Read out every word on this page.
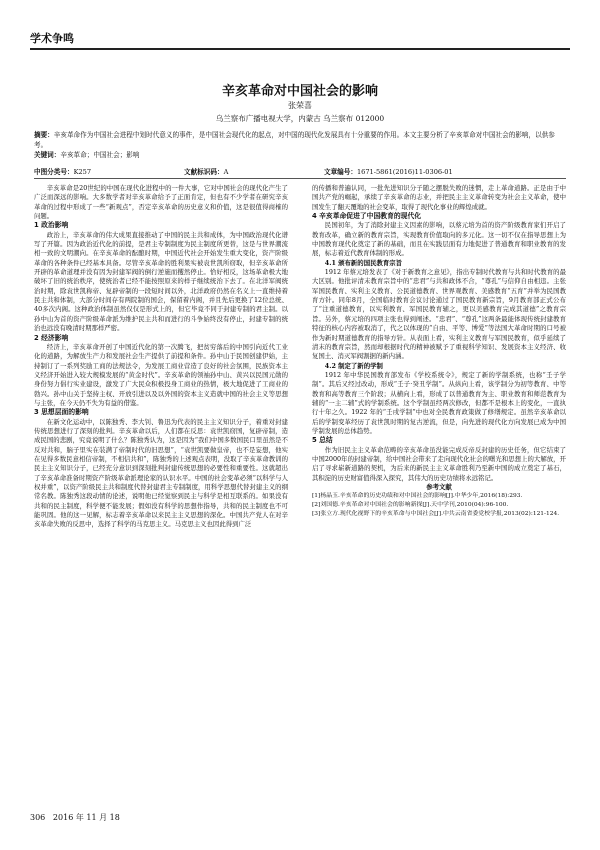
学术争鸣
辛亥革命对中国社会的影响
张荣喜
乌兰察布广播电视大学，内蒙古 乌兰察布 012000
摘要：辛亥革命作为中国社会进程中划时代意义的事件，是中国社会现代化的起点，对中国的现代化发展具有十分重要的作用。本文主要分析了辛亥革命对中国社会的影响，以供参考。
关键词：辛亥革命；中国社会；影响
中图分类号：K257	文献标识码：A	文章编号：1671-5861(2016)11-0306-01

辛亥革命是20世纪的中国在现代化进程中的一件大事，它对中国社会的现代化产生了广泛而深远的影响。大多数学者对辛亥革命给予了正面肯定，但也有不少学者在研究辛亥革命的过程中形成了一些“新观点”，否定辛亥革命的历史意义和价值，这是很值得商榷的问题。

1 政治影响

政治上，辛亥革命的伟大成果直接推动了中国的民主共和成体，为中国政治现代化谱写了开篇。因为政治近代化的前提，是君主专制制度为民主制度所更替，这是与世界潮流相一致的文明潮向。在辛亥革命的酝酿时期，中国近代社会开始发生重大变化，资产阶级革命的各种条件已经基本具备。尽管辛亥革命的胜利果实被袁世凯所窃取，但辛亥革命所开辟的革命道理并没有因为封建军阀的倒行逆施而攫然停止。恰好相反，这场革命极大地破坏了旧的统治秩序，使统治者已经不能按照原来的样子继续统治下去了。在北洋军阀统治时期，除袁世凯称帝、复辟帝制的一段短时间以外，北洋政府仍然在名义上一直维持着民主共和体制，大部分时间存有两院制的国会，保留着内阁，并且先后更换了12位总统、40多次内阁。这种政治体制虽然仅仅是形式上的，但它毕竟不同于封建专制的君主制。以孙中山为首的资产阶级革命派为维护民主共和而进行的斗争始终没有停止，封建专制的统治也远没有晚清时期那样严密。

2 经济影响

经济上，辛亥革命开创了中国近代化的第一次腾飞，把贫穷落后的中国引向近代工业化的道路，为解放生产力和发展社会生产提供了前提和条件。孙中山于民国创建伊始，主持制订了一系列奖励工商的法规法令，为发展工商业营造了良好的社会氛围，民族资本主义经济开始进入较大规模发展的“黄金时代”。辛亥革命的领袖孙中山、黄兴以民国元勋的身份努力倡行实业建设，激发了广大民众积极投身工商业的热情，极大地促进了工商业的勃兴。孙中山关于坚持主权、开放引进以及以外国的资本主义造就中国的社会主义等思想与主张，在今天仍不失为有益的借鉴。

3 思想层面的影响

在新文化运动中，以陈独秀、李大钊、鲁迅为代表的民主主义知识分子，着重对封建传统思想进行了深刻的批判。辛亥革命以后，人们都在反思：袁世凯窃国，复辟帝制，造成民国的悲剧，究竟说明了什么？陈独秀认为，这是因为“我们中国多数国民口里虽然是不反对共和，脑子里实在装满了帝制时代的旧思想”，“袁世凯要做皇帝，也不是妄想，他实在见得多数民意相信帝制，不相信共和”，陈独秀的上述观点表明，没取了辛亥革命教训的民主主义知识分子，已经充分意识到深刻批判封建传统思想的必要性和重要性。这就超出了辛亥革命准备时期资产阶级革命派理论家的认识水平。中国的社会变革必须“以科学与人权并重”，以资产阶级民主共和制度代替封建君主专制制度，用科学思想代替封建主义的纲常名教。陈独秀这段动情的论述，说明他已经觉察到民主与科学是相互联系的。如果没有共和的民主制度，科学便不能发展；假如没有科学的思想作指导，共和的民主制度也不可能巩固。他的这一见解，标志着辛亥革命以来民主主义思想的深化。中国共产党人在对辛亥革命失败的反思中，选择了科学的马克思主义。马克思主义也因此得到广泛

的传播和普遍认同，一批先进知识分子随之摆脱失败的迷惘，走上革命道路。正是由于中国共产党的崛起，承续了辛亥革命的志业，并把民主主义革命转变为社会主义革命，使中国发生了翻天覆地的社会变革，取得了现代化事业的辉煌成就。

4 辛亥革命促进了中国教育的现代化

民国初年，为了消除封建主义因素的影响，以蔡元培为首的资产阶级教育家们开启了教育改革，确立新的教育宗旨，实现教育价值取向的多元化。这一切不仅在指导思想上为中国教育现代化奠定了新的基础，而且在实践层面有力地促进了普通教育和职业教育的发展，标志着近代教育体制的形成。

4.1 颁布新的国民教育宗旨

1912 年蔡元培发表了《对于新教育之意见》，指出专制时代教育与共和时代教育的最大区别。他批评清末教育宗旨中的“忠君”与共和政体不合，“尊孔”与信仰自由相违。主张军国民教育、实利主义教育、公民道德教育、世界观教育、美感教育“五育”并举为民国教育方针。同年8月，全国临时教育会议讨论通过了国民教育新宗旨，9月教育部正式公布了“注重道德教育，以实利教育、军国民教育辅之，更以美感教育完成其道德”之教育宗旨。另外，蔡元培的四项主张也得到阐述。“忠君”、“尊孔”这两条最能体现传统封建教育特征的核心内容被取消了，代之以体现的“自由、平等、博爱”等法国大革命时期的口号被作为新时期道德教育的指导方针。从表面上看，实利主义教育与军国民教育，似乎延续了清末的教育宗旨，然而却根据时代的精神被赋予了重视科学知识、发展资本主义经济、收复国土、消灭军阀割据的新内涵。

4.2 制定了新的学制

1912 年中华民国教育部发布《学校系统令》，规定了新的学制系统，也称“壬子学制”。其后又经过改动，形成“壬子·癸丑学制”。从纵向上看，该学制分为初等教育、中等教育和高等教育三个阶段；从横向上看，形成了以普通教育为主、职业教育和师范教育为辅的“一主二辅”式的学制系统。这个学制虽经两次修改，但都不是根本上的变化，一直执行十年之久。1922 年的“壬戌学制”中也对全民教育政策做了修缮规定。虽然辛亥革命以后的学制变革经历了袁世凯时期的复古逆流，但是，向先进的现代化方向发展已成为中国学制发展的总体趋势。

5 总结

作为旧民主主义革命范畴的辛亥革命虽没能完成反帝反封建的历史任务，但它结束了中国2000年的封建帝制，给中国社会带来了走向现代化社会的曙光和思想上的大解放，开启了寻求崭新道路的契机，为后来的新民主主义革命胜利乃至新中国的成立奠定了基石，其积淀的历史财富值得深入探究，其伟大的历史功绩将永远铭记。

参考文献

[1]杨晶玉.辛亥革命的历史功绩和对中国社会的影响[J].中华少年,2016(18):293.

[2]刘国德.辛亥革命对中国社会的影响新探[J].天中学刊,2010(04):96-100.

[3]张立方.现代化视野下的辛亥革命与中国社会[J].中共云南省委党校学报,2013(02):121-124.

306 2016 年 11 月 18
